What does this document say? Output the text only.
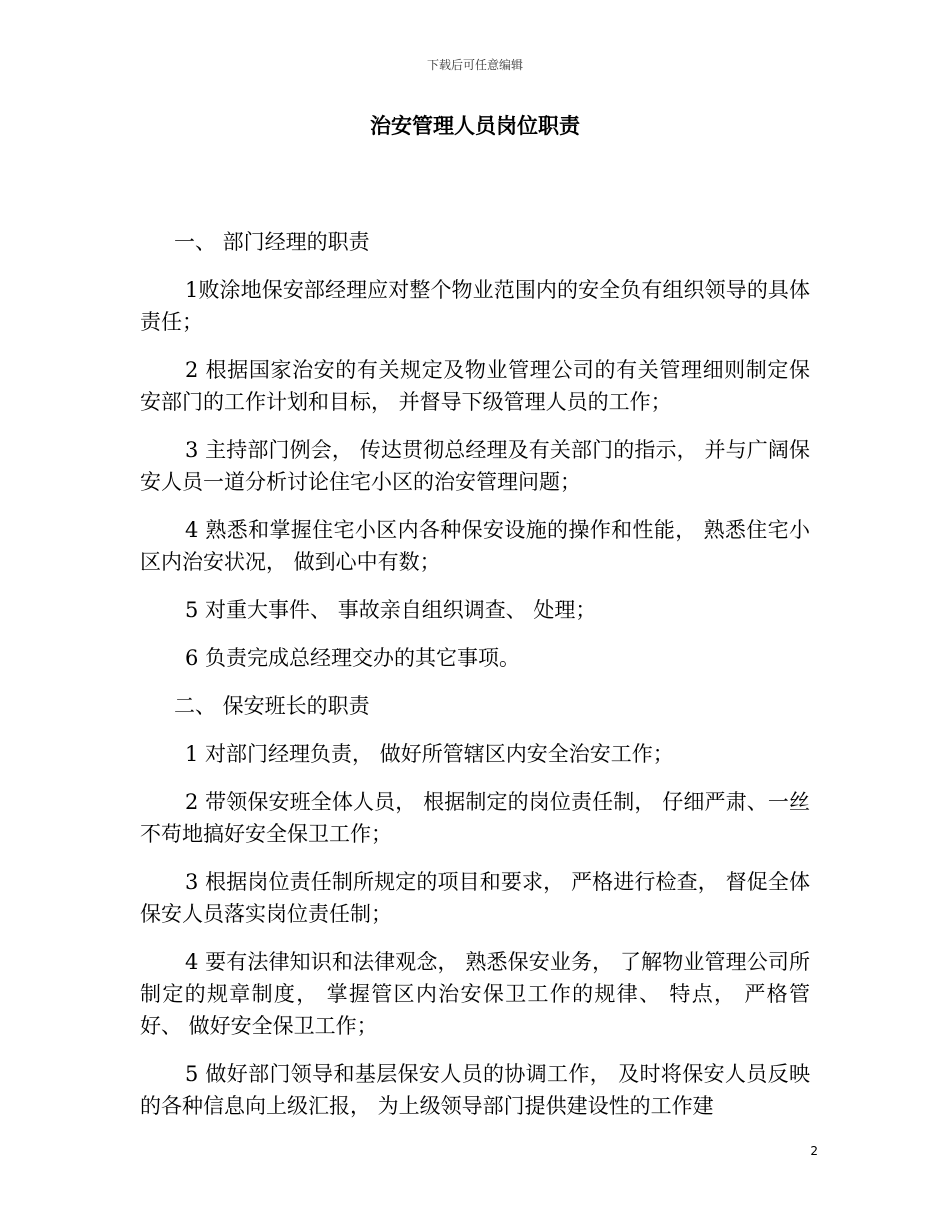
下载后可任意编辑
治安管理人员岗位职责

一、 部门经理的职责

1败涂地保安部经理应对整个物业范围内的安全负有组织领导的具体责任；

2 根据国家治安的有关规定及物业管理公司的有关管理细则制定保安部门的工作计划和目标， 并督导下级管理人员的工作；

3 主持部门例会， 传达贯彻总经理及有关部门的指示， 并与广阔保安人员一道分析讨论住宅小区的治安管理问题；

4 熟悉和掌握住宅小区内各种保安设施的操作和性能， 熟悉住宅小区内治安状况， 做到心中有数；

5 对重大事件、 事故亲自组织调查、 处理；

6 负责完成总经理交办的其它事项。

二、 保安班长的职责

1 对部门经理负责， 做好所管辖区内安全治安工作；

2 带领保安班全体人员， 根据制定的岗位责任制， 仔细严肃、一丝不苟地搞好安全保卫工作；

3 根据岗位责任制所规定的项目和要求， 严格进行检查， 督促全体保安人员落实岗位责任制；

4 要有法律知识和法律观念， 熟悉保安业务， 了解物业管理公司所制定的规章制度， 掌握管区内治安保卫工作的规律、 特点， 严格管好、 做好安全保卫工作；

5 做好部门领导和基层保安人员的协调工作， 及时将保安人员反映的各种信息向上级汇报， 为上级领导部门提供建设性的工作建

2
